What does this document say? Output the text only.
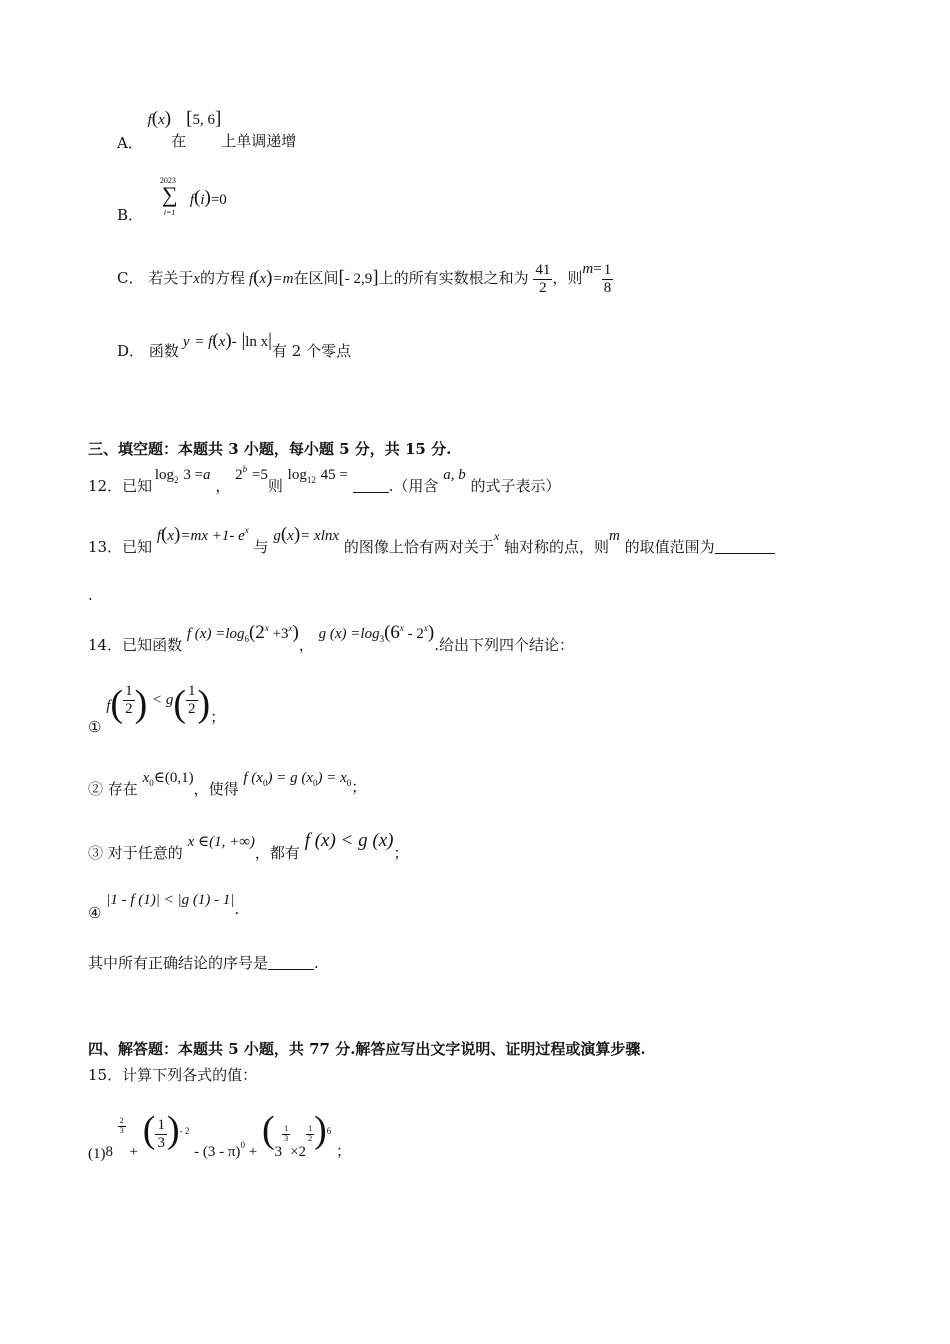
A． f(x)在[5, 6]上单调递增
B．
2023
∑
i=1
f(i)=0
C． 若关于x的方程 f(x)=m在区间[- 2,9]上的所有实数根之和为 $\frac{41}{2}$ ，则$m= \frac{1}{8}$
D． 函数 y = f(x)- |ln x|有 2 个零点
三、填空题：本题共 3 小题，每小题 5 分，共 15 分.
12．已知 $\log_2 3 =a$ ， $2^b =5$则 $\log_{12} 45$ = .（用含 a, b 的式子表示）
13．已知 f(x)=mx +1- $e^x$ 与 g(x)= xlnx 的图像上恰有两对关于x 轴对称的点，则m 的取值范围为
.
14．已知函数 f $(x) =\log_6(2^x +3^x)$， g $(x) =\log_3(6^x - 2^x)$.给出下列四个结论：
① $f( \frac{1}{2}$ ) < $g( \frac{1}{2}$ )；
② 存在 $x_0\in(0,1)$，使得 f $(x_0) = g$ $(x_0) = x_0$；
③ 对于任意的 x ∈(1, +∞)，都有 f (x) < g (x)；
④ |1 - f (1)| < |g (1) - 1|.
其中所有正确结论的序号是	.
四、解答题：本题共 5 小题，共 77 分.解答应写出文字说明、证明过程或演算步骤.
15．计算下列各式的值：
(1)8
$\frac{2}{3}$
+ ( $\frac{1}{3}$ )- $2 - (3 - \pi)_0 + (3$
$\frac{1}{3}$
×2
$\frac{1}{2} )6$ ；
